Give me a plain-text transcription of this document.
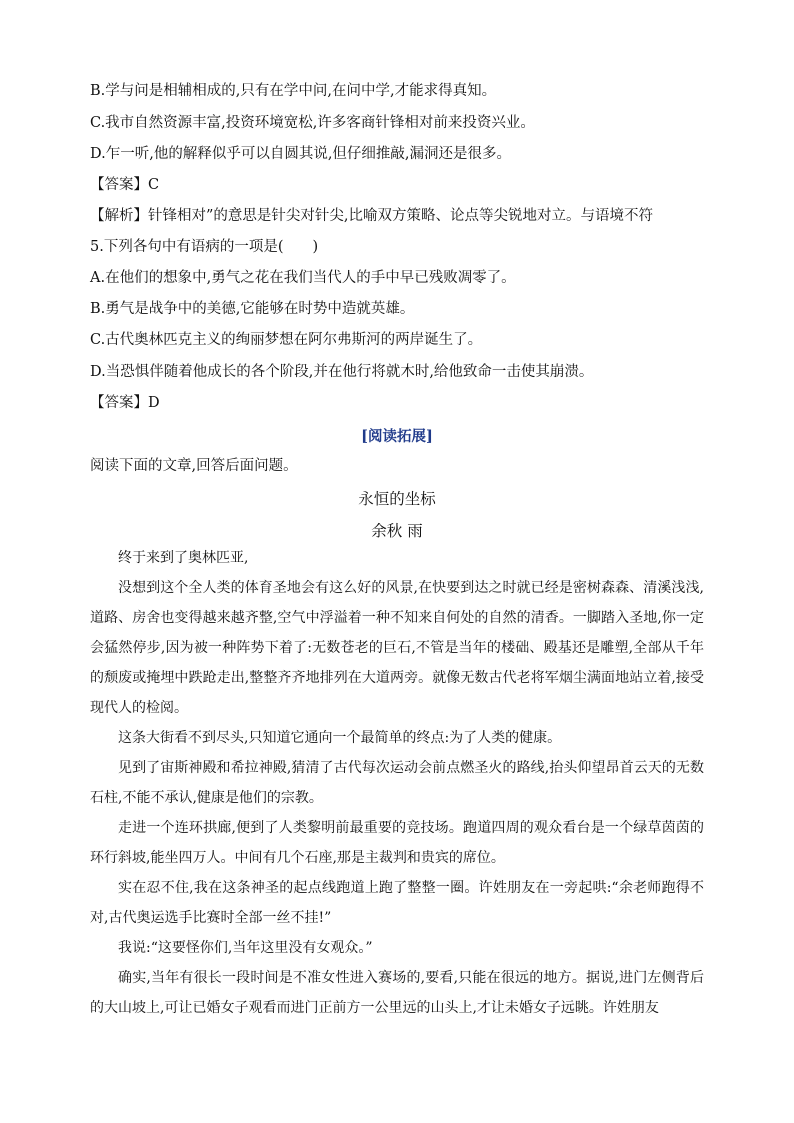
B.学与问是相辅相成的,只有在学中问,在问中学,才能求得真知。
C.我市自然资源丰富,投资环境宽松,许多客商针锋相对前来投资兴业。
D.乍一听,他的解释似乎可以自圆其说,但仔细推敲,漏洞还是很多。
【答案】C
【解析】针锋相对”的意思是针尖对针尖,比喻双方策略、论点等尖锐地对立。与语境不符
5.下列各句中有语病的一项是(　　)
A.在他们的想象中,勇气之花在我们当代人的手中早已残败凋零了。
B.勇气是战争中的美德,它能够在时势中造就英雄。
C.古代奥林匹克主义的绚丽梦想在阿尔弗斯河的两岸诞生了。
D.当恐惧伴随着他成长的各个阶段,并在他行将就木时,给他致命一击使其崩溃。
【答案】D
[阅读拓展]
阅读下面的文章,回答后面问题。
永恒的坐标
余秋 雨

终于来到了奥林匹亚,

没想到这个全人类的体育圣地会有这么好的风景,在快要到达之时就已经是密树森森、清溪浅浅,道路、房舍也变得越来越齐整,空气中浮溢着一种不知来自何处的自然的清香。一脚踏入圣地,你一定会猛然停步,因为被一种阵势下着了:无数苍老的巨石,不管是当年的楼础、殿基还是雕塑,全部从千年的颓废或掩埋中跌跄走出,整整齐齐地排列在大道两旁。就像无数古代老将军烟尘满面地站立着,接受现代人的检阅。

这条大街看不到尽头,只知道它通向一个最简单的终点:为了人类的健康。

见到了宙斯神殿和希拉神殿,猜清了古代每次运动会前点燃圣火的路线,抬头仰望昂首云天的无数石柱,不能不承认,健康是他们的宗教。

走进一个连环拱廊,便到了人类黎明前最重要的竞技场。跑道四周的观众看台是一个绿草茵茵的环行斜坡,能坐四万人。中间有几个石座,那是主裁判和贵宾的席位。

实在忍不住,我在这条神圣的起点线跑道上跑了整整一圈。许姓朋友在一旁起哄:“余老师跑得不对,古代奥运选手比赛时全部一丝不挂!”

我说:“这要怪你们,当年这里没有女观众。”

确实,当年有很长一段时间是不准女性进入赛场的,要看,只能在很远的地方。据说,进门左侧背后的大山坡上,可让已婚女子观看而进门正前方一公里远的山头上,才让未婚女子远眺。许姓朋友
